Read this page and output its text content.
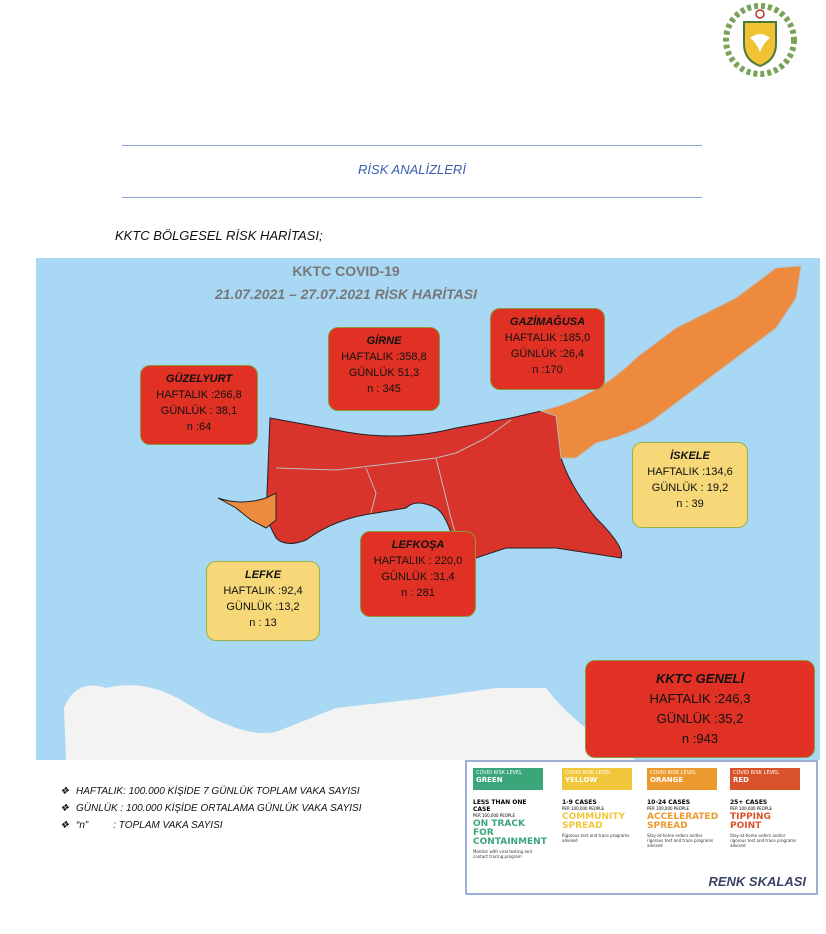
RİSK ANALİZLERİ
KKTC BÖLGESEL RİSK HARİTASI;
KKTC COVID-19
21.07.2021 – 27.07.2021 RİSK HARİTASI
GÜZELYURT
HAFTALIK :266,8
GÜNLÜK : 38,1
n :64
GİRNE
HAFTALIK :358,8
GÜNLÜK 51,3
n : 345
GAZİMAĞUSA
HAFTALIK :185,0
GÜNLÜK :26,4
n :170
İSKELE
HAFTALIK :134,6
GÜNLÜK : 19,2
n : 39
LEFKE
HAFTALIK :92,4
GÜNLÜK :13,2
n : 13
LEFKOŞA
HAFTALIK : 220,0
GÜNLÜK :31,4
n : 281
KKTC GENELİ
HAFTALIK :246,3
GÜNLÜK :35,2
n :943
❖ HAFTALIK: 100.000 KİŞİDE 7 GÜNLÜK TOPLAM VAKA SAYISI
❖ GÜNLÜK : 100.000 KİŞİDE ORTALAMA GÜNLÜK VAKA SAYISI
❖ “n”         : TOPLAM VAKA SAYISI
COVID RISK LEVEL
GREEN
LESS THAN ONE CASE
PER 100,000 PEOPLE
ON TRACK FOR CONTAINMENT
Monitor with viral testing and contact tracing program
COVID RISK LEVEL
YELLOW
1-9 CASES
PER 100,000 PEOPLE
COMMUNITY SPREAD
Rigorous test and trace programs advised
COVID RISK LEVEL
ORANGE
10-24 CASES
PER 100,000 PEOPLE
ACCELERATED SPREAD
Stay-at-home orders and/or rigorous test and trace programs advised
COVID RISK LEVEL
RED
25+ CASES
PER 100,000 PEOPLE
TIPPING POINT
Stay-at-home orders and/or rigorous test and trace programs advised
RENK SKALASI
